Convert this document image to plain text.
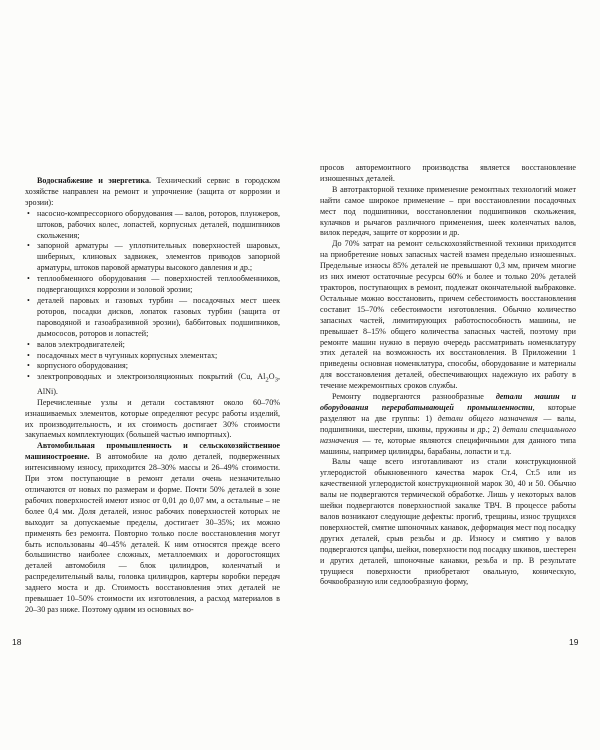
Водоснабжение и энергетика. Технический сервис в городском хозяйстве направлен на ремонт и упрочнение (защита от коррозии и эрозии):

• насосно-компрессорного оборудования — валов, роторов, плунжеров, штоков, рабочих колес, лопастей, корпусных деталей, подшипников скольжения;
• запорной арматуры — уплотнительных поверхностей шаровых, шиберных, клиновых задвижек, элементов приводов запорной арматуры, штоков паровой арматуры высокого давления и др.;
• теплообменного оборудования — поверхностей теплообменников, подвергающихся коррозии и золовой эрозии;
• деталей паровых и газовых турбин — посадочных мест шеек роторов, посадки дисков, лопаток газовых турбин (защита от пароводяной и газоабразивной эрозии), баббитовых подшипников, дымососов, роторов и лопастей;
• валов электродвигателей;
• посадочных мест в чугунных корпусных элементах;
• корпусного оборудования;
• электропроводных и электроизоляционных покрытий (Cu, $Al_2O_3$, AlNi).

Перечисленные узлы и детали составляют около 60–70% изнашиваемых элементов, которые определяют ресурс работы изделий, их производительность, и их стоимость достигает 30% стоимости закупаемых комплектующих (большей частью импортных).

Автомобильная промышленность и сельскохозяйственное машиностроение. В автомобиле на долю деталей, подверженных интенсивному износу, приходится 28–30% массы и 26–49% стоимости. При этом поступающие в ремонт детали очень незначительно отличаются от новых по размерам и форме. Почти 50% деталей в зоне рабочих поверхностей имеют износ от 0,01 до 0,07 мм, а остальные – не более 0,4 мм. Доля деталей, износ рабочих поверхностей которых не выходит за допускаемые пределы, достигает 30–35%; их можно применять без ремонта. Повторно только после восстановления могут быть использованы 40–45% деталей. К ним относятся прежде всего большинство наиболее сложных, металлоемких и дорогостоящих деталей автомобиля — блок цилиндров, коленчатый и распределительный валы, головка цилиндров, картеры коробки передач заднего моста и др. Стоимость восстановления этих деталей не превышает 10–50% стоимости их изготовления, а расход материалов в 20–30 раз ниже. Поэтому одним из основных во-

18

просов авторемонтного производства является восстановление изношенных деталей.

В автотракторной технике применение ремонтных технологий может найти самое широкое применение – при восстановлении посадочных мест под подшипники, восстановлении подшипников скольжения, кулачков и рычагов различного применения, шеек коленчатых валов, вилок передач, защите от коррозии и др.

До 70% затрат на ремонт сельскохозяйственной техники приходится на приобретение новых запасных частей взамен предельно изношенных. Предельные износы 85% деталей не превышают 0,3 мм, причем многие из них имеют остаточные ресурсы 60% и более и только 20% деталей тракторов, поступающих в ремонт, подлежат окончательной выбраковке. Остальные можно восстановить, причем себестоимость восстановления составит 15–70% себестоимости изготовления. Обычно количество запасных частей, лимитирующих работоспособность машины, не превышает 8–15% общего количества запасных частей, поэтому при ремонте машин нужно в первую очередь рассматривать номенклатуру этих деталей на возможность их восстановления. В Приложении 1 приведены основная номенклатура, способы, оборудование и материалы для восстановления деталей, обеспечивающих надежную их работу в течение межремонтных сроков службы.

Ремонту подвергаются разнообразные детали машин и оборудования перерабатывающей промышленности, которые разделяют на две группы: 1) детали общего назначения — валы, подшипники, шестерни, шкивы, пружины и др.; 2) детали специального назначения — те, которые являются специфичными для данного типа машины, например цилиндры, барабаны, лопасти и т.д.

Валы чаще всего изготавливают из стали конструкционной углеродистой обыкновенного качества марок Ст.4, Ст.5 или из качественной углеродистой конструкционной марок 30, 40 и 50. Обычно валы не подвергаются термической обработке. Лишь у некоторых валов шейки подвергаются поверхностной закалке ТВЧ. В процессе работы валов возникают следующие дефекты: прогиб, трещины, износ трущихся поверхностей, смятие шпоночных канавок, деформация мест под посадку других деталей, срыв резьбы и др. Износу и смятию у валов подвергаются цапфы, шейки, поверхности под посадку шкивов, шестерен и других деталей, шпоночные канавки, резьба и пр. В результате трущиеся поверхности приобретают овальную, коническую, бочкообразную или седлообразную форму,

19
